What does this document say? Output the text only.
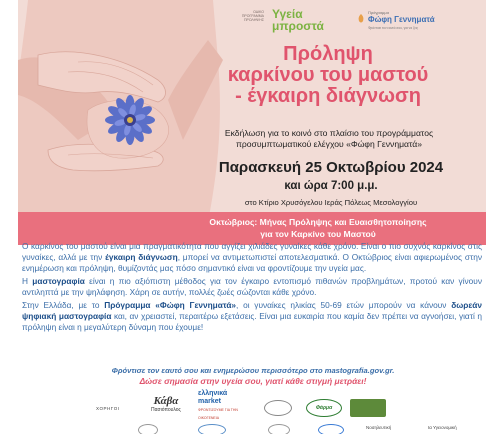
ΟΔΙΚΟ
ΠΡΟΓΡΑΜΜΑ
ΠΡΟΛΗΨΗΣ Υγεία
μπροστά
Πρόγραμμα
Φώφη Γεννηματά
Φρόντισε τον εαυτό σου, για να ζεις
Πρόληψη
καρκίνου του μαστού
- έγκαιρη διάγνωση
Εκδήλωση για το κοινό στο πλαίσιο του προγράμματος
προσυμπτωματικού ελέγχου «Φώφη Γεννηματά»
Παρασκευή 25 Οκτωβρίου 2024
και ώρα 7:00 μ.μ.
στο Κτίριο Χρυσόγελου Ιεράς Πόλεως Μεσολογγίου
Οκτώβριος: Μήνας Πρόληψης και Ευαισθητοποίησης
για τον Καρκίνο του Μαστού

Ο καρκίνος του μαστού είναι μια πραγματικότητα που αγγίζει χιλιάδες γυναίκες κάθε χρόνο. Είναι ο πιο συχνός καρκίνος στις γυναίκες, αλλά με την έγκαιρη διάγνωση, μπορεί να αντιμετωπιστεί αποτελεσματικά. Ο Οκτώβριος είναι αφιερωμένος στην ενημέρωση και πρόληψη, θυμίζοντάς μας πόσο σημαντικό είναι να φροντίζουμε την υγεία μας.

Η μαστογραφία είναι η πιο αξιόπιστη μέθοδος για τον έγκαιρο εντοπισμό πιθανών προβλημάτων, προτού καν γίνουν αντιληπτά με την ψηλάφηση. Χάρη σε αυτήν, πολλές ζωές σώζονται κάθε χρόνο.

Στην Ελλάδα, με το Πρόγραμμα «Φώφη Γεννηματά», οι γυναίκες ηλικίας 50-69 ετών μπορούν να κάνουν δωρεάν ψηφιακή μαστογραφία και, αν χρειαστεί, περαιτέρω εξετάσεις. Είναι μια ευκαιρία που καμία δεν πρέπει να αγνοήσει, γιατί η πρόληψη είναι η μεγαλύτερη δύναμη που έχουμε!

Φρόντισε τον εαυτό σου και ενημερώσου περισσότερο στο mastografia.gov.gr.
Δώσε σημασία στην υγεία σου, γιατί κάθε στιγμή μετράει!
ΧΟΡΗΓΟΙ
Κάβα
Πασιόπουλος
ελληνικά market
ΦΡΟΝΤΙΖΟΥΜΕ ΓΙΑ ΤΗΝ ΟΙΚΟΓΕΝΕΙΑ
Φάρμα
Νοσηλευτική	Ια Υγειονομική
